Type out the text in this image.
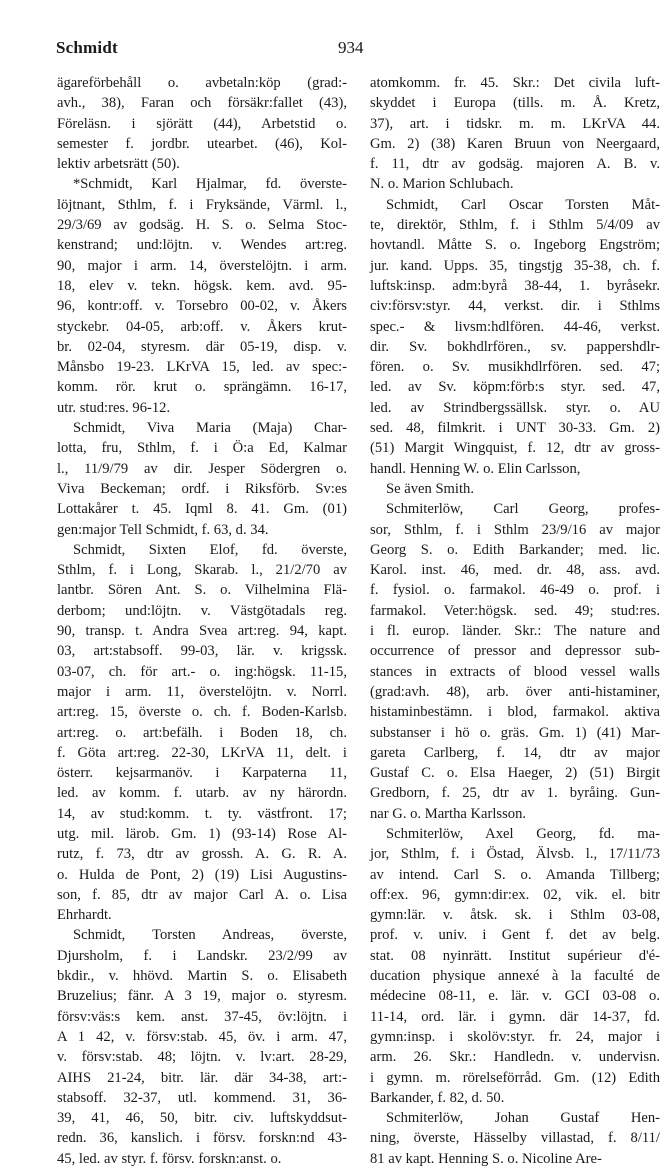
Schmidt	934
ägareförbehåll o. avbetaln:köp (grad:-
avh., 38), Faran och försäkr:fallet (43),
Föreläsn. i sjörätt (44), Arbetstid o.
semester f. jordbr. utearbet. (46), Kol-
lektiv arbetsrätt (50).
*Schmidt, Karl Hjalmar, fd. överste-
löjtnant, Sthlm, f. i Fryksände, Värml. l.,
29/3/69 av godsäg. H. S. o. Selma Stoc-
kenstrand; und:löjtn. v. Wendes art:reg.
90, major i arm. 14, överstelöjtn. i arm.
18, elev v. tekn. högsk. kem. avd. 95-
96, kontr:off. v. Torsebro 00-02, v. Åkers
styckebr. 04-05, arb:off. v. Åkers krut-
br. 02-04, styresm. där 05-19, disp. v.
Månsbo 19-23. LKrVA 15, led. av spec:-
komm. rör. krut o. sprängämn. 16-17,
utr. stud:res. 96-12.
Schmidt, Viva Maria (Maja) Char-
lotta, fru, Sthlm, f. i Ö:a Ed, Kalmar
l., 11/9/79 av dir. Jesper Södergren o.
Viva Beckeman; ordf. i Riksförb. Sv:es
Lottakårer t. 45. Iqml 8. 41. Gm. (01)
gen:major Tell Schmidt, f. 63, d. 34.
Schmidt, Sixten Elof, fd. överste,
Sthlm, f. i Long, Skarab. l., 21/2/70 av
lantbr. Sören Ant. S. o. Vilhelmina Flä-
derbom; und:löjtn. v. Västgötadals reg.
90, transp. t. Andra Svea art:reg. 94, kapt.
03, art:stabsoff. 99-03, lär. v. krigssk.
03-07, ch. för art.- o. ing:högsk. 11-15,
major i arm. 11, överstelöjtn. v. Norrl.
art:reg. 15, överste o. ch. f. Boden-Karlsb.
art:reg. o. art:befälh. i Boden 18, ch.
f. Göta art:reg. 22-30, LKrVA 11, delt. i
österr. kejsarmanöv. i Karpaterna 11,
led. av komm. f. utarb. av ny härordn.
14, av stud:komm. t. ty. västfront. 17;
utg. mil. lärob. Gm. 1) (93-14) Rose Al-
rutz, f. 73, dtr av grossh. A. G. R. A.
o. Hulda de Pont, 2) (19) Lisi Augustins-
son, f. 85, dtr av major Carl A. o. Lisa
Ehrhardt.
Schmidt, Torsten Andreas, överste,
Djursholm, f. i Landskr. 23/2/99 av
bkdir., v. hhövd. Martin S. o. Elisabeth
Bruzelius; fänr. A 3 19, major o. styresm.
försv:väs:s kem. anst. 37-45, öv:löjtn. i
A 1 42, v. försv:stab. 45, öv. i arm. 47,
v. försv:stab. 48; löjtn. v. lv:art. 28-29,
AIHS 21-24, bitr. lär. där 34-38, art:-
stabsoff. 32-37, utl. kommend. 31, 36-
39, 41, 46, 50, bitr. civ. luftskyddsut-
redn. 36, kanslich. i försv. forskn:nd 43-
45, led. av styr. f. försv. forskn:anst. o.
atomkomm. fr. 45. Skr.: Det civila luft-
skyddet i Europa (tills. m. Å. Kretz,
37), art. i tidskr. m. m. LKrVA 44.
Gm. 2) (38) Karen Bruun von Neergaard,
f. 11, dtr av godsäg. majoren A. B. v.
N. o. Marion Schlubach.
Schmidt, Carl Oscar Torsten Måt-
te, direktör, Sthlm, f. i Sthlm 5/4/09 av
hovtandl. Måtte S. o. Ingeborg Engström;
jur. kand. Upps. 35, tingstjg 35-38, ch. f.
luftsk:insp. adm:byrå 38-44, 1. byråsekr.
civ:försv:styr. 44, verkst. dir. i Sthlms
spec.- & livsm:hdlfören. 44-46, verkst.
dir. Sv. bokhdlrfören., sv. pappershdlr-
fören. o. Sv. musikhdlrfören. sed. 47;
led. av Sv. köpm:förb:s styr. sed. 47,
led. av Strindbergssällsk. styr. o. AU
sed. 48, filmkrit. i UNT 30-33. Gm. 2)
(51) Margit Wingquist, f. 12, dtr av gross-
handl. Henning W. o. Elin Carlsson,
Se även Smith.
Schmiterlöw, Carl Georg, profes-
sor, Sthlm, f. i Sthlm 23/9/16 av major
Georg S. o. Edith Barkander; med. lic.
Karol. inst. 46, med. dr. 48, ass. avd.
f. fysiol. o. farmakol. 46-49 o. prof. i
farmakol. Veter:högsk. sed. 49; stud:res.
i fl. europ. länder. Skr.: The nature and
occurrence of pressor and depressor sub-
stances in extracts of blood vessel walls
(grad:avh. 48), arb. över anti-histaminer,
histaminbestämn. i blod, farmakol. aktiva
substanser i hö o. gräs. Gm. 1) (41) Mar-
gareta Carlberg, f. 14, dtr av major
Gustaf C. o. Elsa Haeger, 2) (51) Birgit
Gredborn, f. 25, dtr av 1. byråing. Gun-
nar G. o. Martha Karlsson.
Schmiterlöw, Axel Georg, fd. ma-
jor, Sthlm, f. i Östad, Älvsb. l., 17/11/73
av intend. Carl S. o. Amanda Tillberg;
off:ex. 96, gymn:dir:ex. 02, vik. el. bitr
gymn:lär. v. åtsk. sk. i Sthlm 03-08,
prof. v. univ. i Gent f. det av belg.
stat. 08 nyinrätt. Institut supérieur d'é-
ducation physique annexé à la faculté de
médecine 08-11, e. lär. v. GCI 03-08 o.
11-14, ord. lär. i gymn. där 14-37, fd.
gymn:insp. i skolöv:styr. fr. 24, major i
arm. 26. Skr.: Handledn. v. undervisn.
i gymn. m. rörelseförråd. Gm. (12) Edith
Barkander, f. 82, d. 50.
Schmiterlöw, Johan Gustaf Hen-
ning, överste, Hässelby villastad, f. 8/11/
81 av kapt. Henning S. o. Nicoline Are-
